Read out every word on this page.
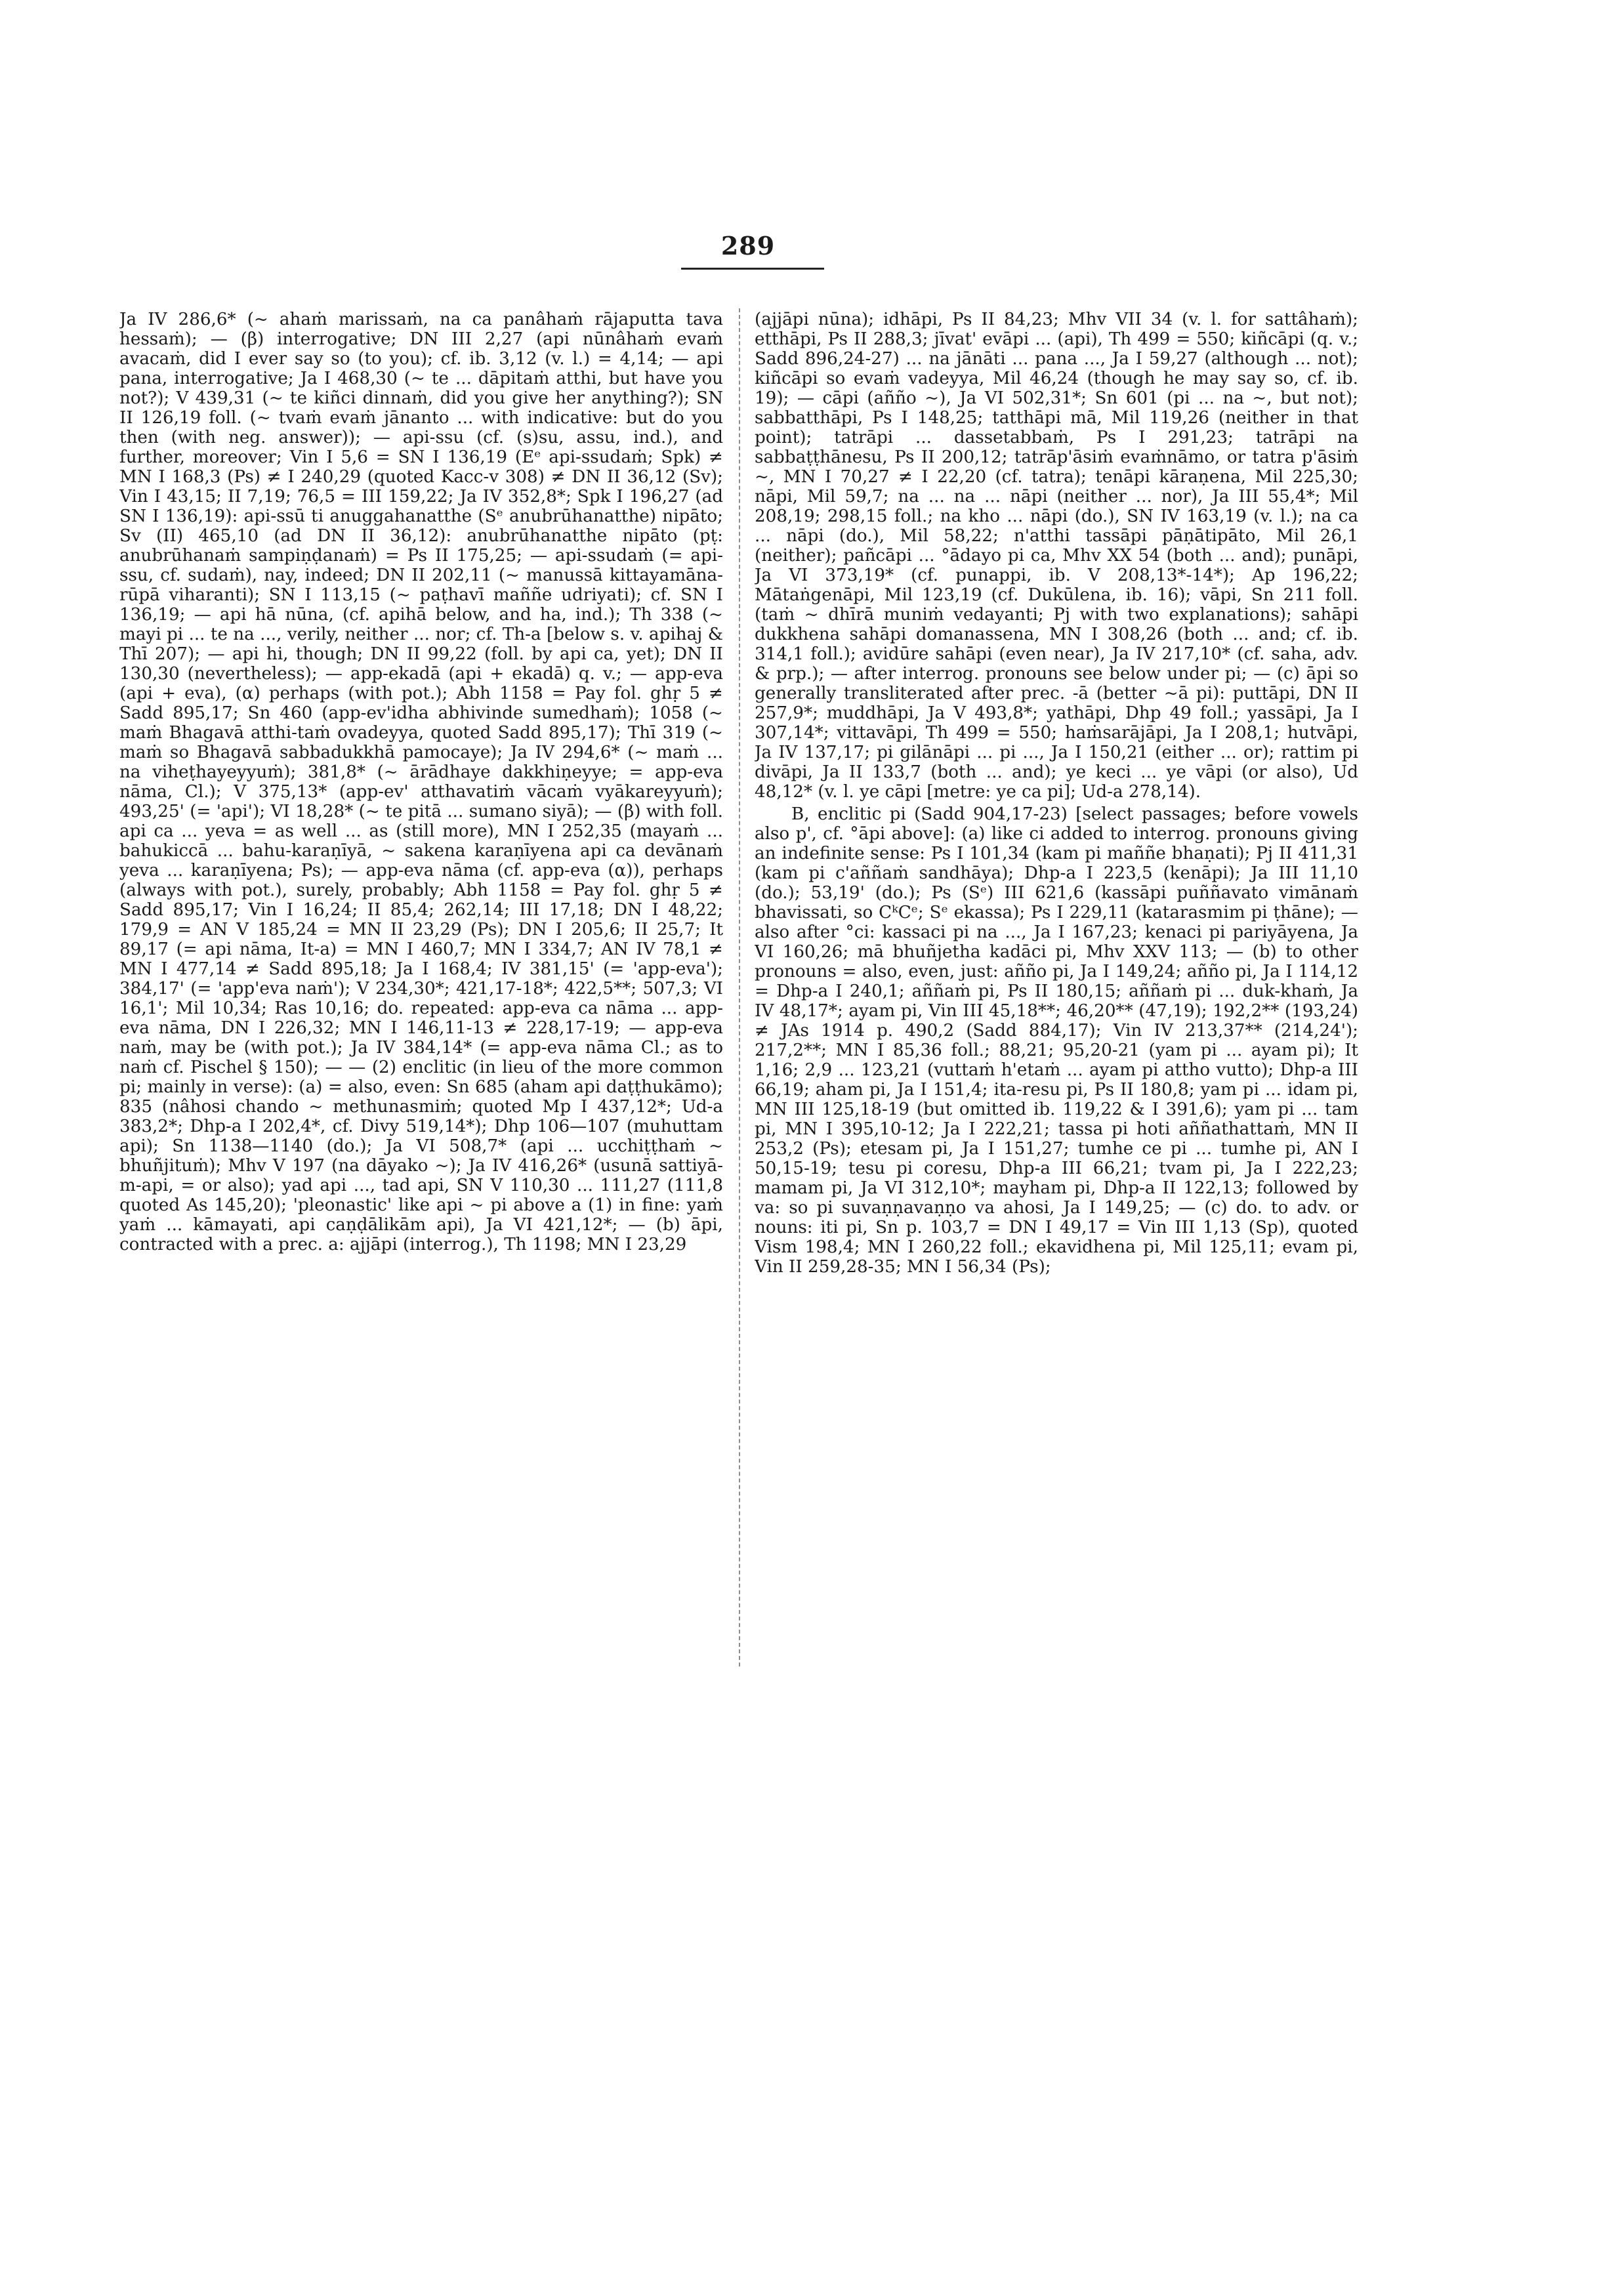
289

Ja IV 286,6* (~ ahaṁ marissaṁ, na ca panâhaṁ rājaputta tava hessaṁ); — (β) interrogative; DN III 2,27 (api nūnâhaṁ evaṁ avacaṁ, did I ever say so (to you); cf. ib. 3,12 (v. l.) = 4,14; — api pana, interrogative; Ja I 468,30 (~ te ... dāpitaṁ atthi, but have you not?); V 439,31 (~ te kiñci dinnaṁ, did you give her anything?); SN II 126,19 foll. (~ tvaṁ evaṁ jānanto ... with indicative: but do you then (with neg. answer)); — api-ssu (cf. (s)su, assu, ind.), and further, moreover; Vin I 5,6 = SN I 136,19 (Eᵉ api-ssudaṁ; Spk) ≠ MN I 168,3 (Ps) ≠ I 240,29 (quoted Kacc-v 308) ≠ DN II 36,12 (Sv); Vin I 43,15; II 7,19; 76,5 = III 159,22; Ja IV 352,8*; Spk I 196,27 (ad SN I 136,19): api-ssū ti anuggahanatthe (Sᵉ anubrūhanatthe) nipāto; Sv (II) 465,10 (ad DN II 36,12): anubrūhanatthe nipāto (pṭ: anubrūhanaṁ sampiṇḍanaṁ) = Ps II 175,25; — api-ssudaṁ (= api-ssu, cf. sudaṁ), nay, indeed; DN II 202,11 (~ manussā kittayamāna-rūpā viharanti); SN I 113,15 (~ paṭhavī maññe udriyati); cf. SN I 136,19; — api hā nūna, (cf. apihā below, and ha, ind.); Th 338 (~ mayi pi ... te na ..., verily, neither ... nor; cf. Th-a [below s. v. apihaj & Thī 207); — api hi, though; DN II 99,22 (foll. by api ca, yet); DN II 130,30 (nevertheless); — app-ekadā (api + ekadā) q. v.; — app-eva (api + eva), (α) perhaps (with pot.); Abh 1158 = Pay fol. ghṛ 5 ≠ Sadd 895,17; Sn 460 (app-ev'idha abhivinde sumedhaṁ); 1058 (~ maṁ Bhagavā atthi-taṁ ovadeyya, quoted Sadd 895,17); Thī 319 (~ maṁ so Bhagavā sabbadukkhā pamocaye); Ja IV 294,6* (~ maṁ ... na viheṭhayeyyuṁ); 381,8* (~ ārādhaye dakkhiṇeyye; = app-eva nāma, Cl.); V 375,13* (app-ev' atthavatiṁ vācaṁ vyākareyyuṁ); 493,25' (= 'api'); VI 18,28* (~ te pitā ... sumano siyā); — (β) with foll. api ca ... yeva = as well ... as (still more), MN I 252,35 (mayaṁ ... bahukiccā ... bahu-karaṇīyā, ~ sakena karaṇīyena api ca devānaṁ yeva ... karaṇīyena; Ps); — app-eva nāma (cf. app-eva (α)), perhaps (always with pot.), surely, probably; Abh 1158 = Pay fol. ghṛ 5 ≠ Sadd 895,17; Vin I 16,24; II 85,4; 262,14; III 17,18; DN I 48,22; 179,9 = AN V 185,24 = MN II 23,29 (Ps); DN I 205,6; II 25,7; It 89,17 (= api nāma, It-a) = MN I 460,7; MN I 334,7; AN IV 78,1 ≠ MN I 477,14 ≠ Sadd 895,18; Ja I 168,4; IV 381,15' (= 'app-eva'); 384,17' (= 'app'eva naṁ'); V 234,30*; 421,17-18*; 422,5**; 507,3; VI 16,1'; Mil 10,34; Ras 10,16; do. repeated: app-eva ca nāma ... app-eva nāma, DN I 226,32; MN I 146,11-13 ≠ 228,17-19; — app-eva naṁ, may be (with pot.); Ja IV 384,14* (= app-eva nāma Cl.; as to naṁ cf. Pischel § 150); — — (2) enclitic (in lieu of the more common pi; mainly in verse): (a) = also, even: Sn 685 (aham api daṭṭhukāmo); 835 (nâhosi chando ~ methunasmiṁ; quoted Mp I 437,12*; Ud-a 383,2*; Dhp-a I 202,4*, cf. Divy 519,14*); Dhp 106—107 (muhuttam api); Sn 1138—1140 (do.); Ja VI 508,7* (api ... ucchiṭṭhaṁ ~ bhuñjituṁ); Mhv V 197 (na dāyako ~); Ja IV 416,26* (usunā sattiyā-m-api, = or also); yad api ..., tad api, SN V 110,30 ... 111,27 (111,8 quoted As 145,20); 'pleonastic' like api ~ pi above a (1) in fine: yaṁ yaṁ ... kāmayati, api caṇḍālikām api), Ja VI 421,12*; — (b) āpi, contracted with a prec. a: ajjāpi (interrog.), Th 1198; MN I 23,29

(ajjāpi nūna); idhāpi, Ps II 84,23; Mhv VII 34 (v. l. for sattâhaṁ); etthāpi, Ps II 288,3; jīvat' evāpi ... (api), Th 499 = 550; kiñcāpi (q. v.; Sadd 896,24-27) ... na jānāti ... pana ..., Ja I 59,27 (although ... not); kiñcāpi so evaṁ vadeyya, Mil 46,24 (though he may say so, cf. ib. 19); — cāpi (añño ~), Ja VI 502,31*; Sn 601 (pi ... na ~, but not); sabbatthāpi, Ps I 148,25; tatthāpi mā, Mil 119,26 (neither in that point); tatrāpi ... dassetabbaṁ, Ps I 291,23; tatrāpi na sabbaṭṭhānesu, Ps II 200,12; tatrāp'āsiṁ evaṁnāmo, or tatra p'āsiṁ ~, MN I 70,27 ≠ I 22,20 (cf. tatra); tenāpi kāraṇena, Mil 225,30; nāpi, Mil 59,7; na ... na ... nāpi (neither ... nor), Ja III 55,4*; Mil 208,19; 298,15 foll.; na kho ... nāpi (do.), SN IV 163,19 (v. l.); na ca ... nāpi (do.), Mil 58,22; n'atthi tassāpi pāṇātipāto, Mil 26,1 (neither); pañcāpi ... °ādayo pi ca, Mhv XX 54 (both ... and); punāpi, Ja VI 373,19* (cf. punappi, ib. V 208,13*-14*); Ap 196,22; Mātaṅgenāpi, Mil 123,19 (cf. Dukūlena, ib. 16); vāpi, Sn 211 foll. (taṁ ~ dhīrā muniṁ vedayanti; Pj with two explanations); sahāpi dukkhena sahāpi domanassena, MN I 308,26 (both ... and; cf. ib. 314,1 foll.); avidūre sahāpi (even near), Ja IV 217,10* (cf. saha, adv. & prp.); — after interrog. pronouns see below under pi; — (c) āpi so generally transliterated after prec. -ā (better ~ā pi): puttāpi, DN II 257,9*; muddhāpi, Ja V 493,8*; yathāpi, Dhp 49 foll.; yassāpi, Ja I 307,14*; vittavāpi, Th 499 = 550; haṁsarājāpi, Ja I 208,1; hutvāpi, Ja IV 137,17; pi gilānāpi ... pi ..., Ja I 150,21 (either ... or); rattim pi divāpi, Ja II 133,7 (both ... and); ye keci ... ye vāpi (or also), Ud 48,12* (v. l. ye cāpi [metre: ye ca pi]; Ud-a 278,14).

B, enclitic pi (Sadd 904,17-23) [select passages; before vowels also p', cf. °āpi above]: (a) like ci added to interrog. pronouns giving an indefinite sense: Ps I 101,34 (kam pi maññe bhaṇati); Pj II 411,31 (kam pi c'aññaṁ sandhāya); Dhp-a I 223,5 (kenāpi); Ja III 11,10 (do.); 53,19' (do.); Ps (Sᵉ) III 621,6 (kassāpi puññavato vimānaṁ bhavissati, so CᵏCᵉ; Sᵉ ekassa); Ps I 229,11 (katarasmim pi ṭhāne); — also after °ci: kassaci pi na ..., Ja I 167,23; kenaci pi pariyāyena, Ja VI 160,26; mā bhuñjetha kadāci pi, Mhv XXV 113; — (b) to other pronouns = also, even, just: añño pi, Ja I 149,24; añño pi, Ja I 114,12 = Dhp-a I 240,1; aññaṁ pi, Ps II 180,15; aññaṁ pi ... duk-khaṁ, Ja IV 48,17*; ayam pi, Vin III 45,18**; 46,20** (47,19); 192,2** (193,24) ≠ JAs 1914 p. 490,2 (Sadd 884,17); Vin IV 213,37** (214,24'); 217,2**; MN I 85,36 foll.; 88,21; 95,20-21 (yam pi ... ayam pi); It 1,16; 2,9 ... 123,21 (vuttaṁ h'etaṁ ... ayam pi attho vutto); Dhp-a III 66,19; aham pi, Ja I 151,4; ita-resu pi, Ps II 180,8; yam pi ... idam pi, MN III 125,18-19 (but omitted ib. 119,22 & I 391,6); yam pi ... tam pi, MN I 395,10-12; Ja I 222,21; tassa pi hoti aññathattaṁ, MN II 253,2 (Ps); etesam pi, Ja I 151,27; tumhe ce pi ... tumhe pi, AN I 50,15-19; tesu pi coresu, Dhp-a III 66,21; tvam pi, Ja I 222,23; mamam pi, Ja VI 312,10*; mayham pi, Dhp-a II 122,13; followed by va: so pi suvaṇṇavaṇṇo va ahosi, Ja I 149,25; — (c) do. to adv. or nouns: iti pi, Sn p. 103,7 = DN I 49,17 = Vin III 1,13 (Sp), quoted Vism 198,4; MN I 260,22 foll.; ekavidhena pi, Mil 125,11; evam pi, Vin II 259,28-35; MN I 56,34 (Ps);
